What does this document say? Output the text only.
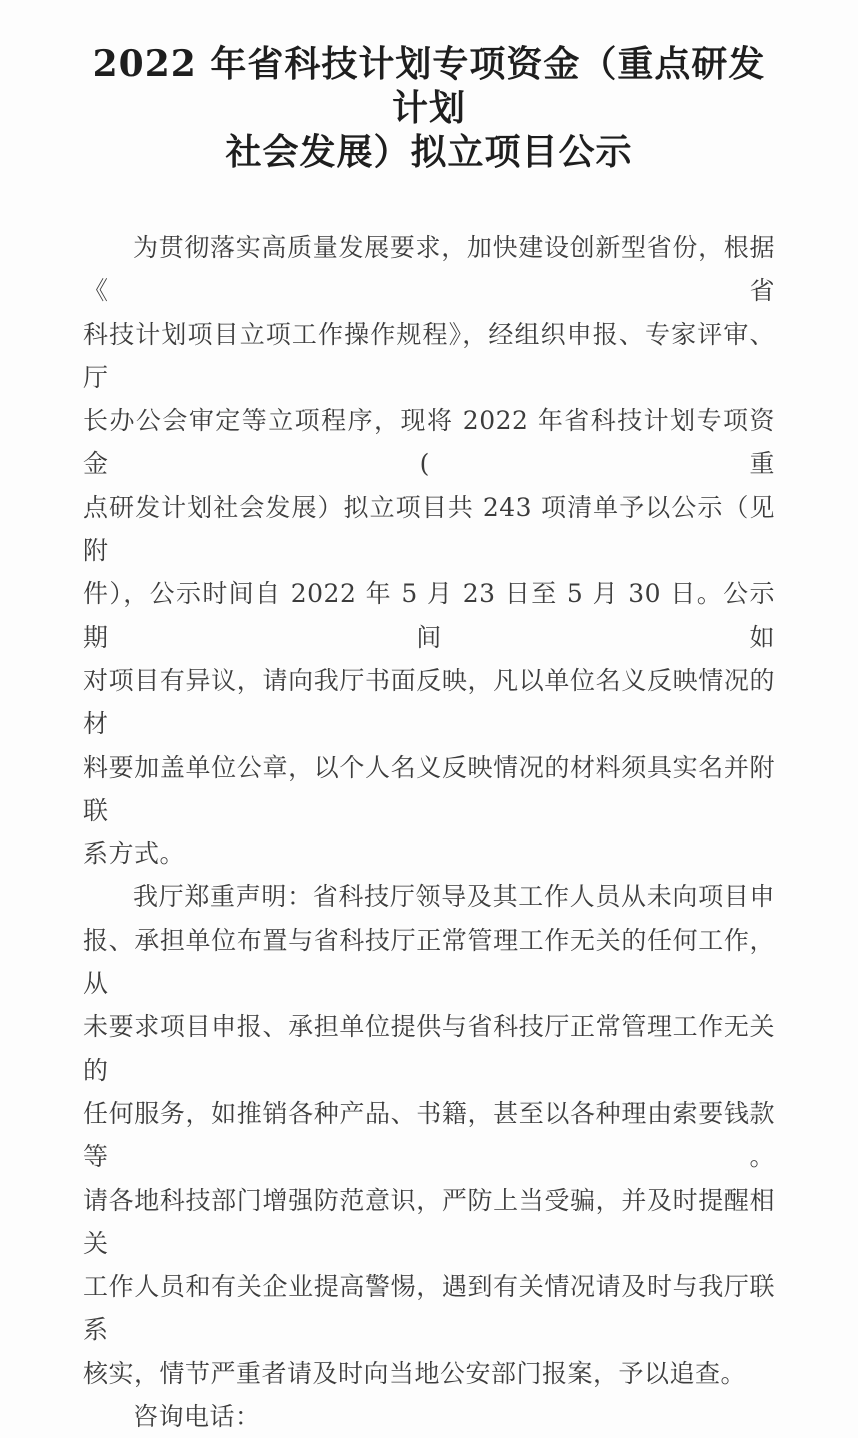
2022 年省科技计划专项资金（重点研发计划
社会发展）拟立项目公示

为贯彻落实高质量发展要求，加快建设创新型省份，根据《省
科技计划项目立项工作操作规程》，经组织申报、专家评审、厅
长办公会审定等立项程序，现将 2022 年省科技计划专项资金( 重
点研发计划社会发展）拟立项目共 243 项清单予以公示（见附
件），公示时间自 2022 年 5 月 23 日至 5 月 30 日。公示期间如
对项目有异议，请向我厅书面反映，凡以单位名义反映情况的材
料要加盖单位公章，以个人名义反映情况的材料须具实名并附联
系方式。

我厅郑重声明：省科技厅领导及其工作人员从未向项目申
报、承担单位布置与省科技厅正常管理工作无关的任何工作，从
未要求项目申报、承担单位提供与省科技厅正常管理工作无关的
任何服务，如推销各种产品、书籍，甚至以各种理由索要钱款等。
请各地科技部门增强防范意识，严防上当受骗，并及时提醒相关
工作人员和有关企业提高警惕，遇到有关情况请及时与我厅联系
核实，情节严重者请及时向当地公安部门报案，予以追查。

咨询电话：
